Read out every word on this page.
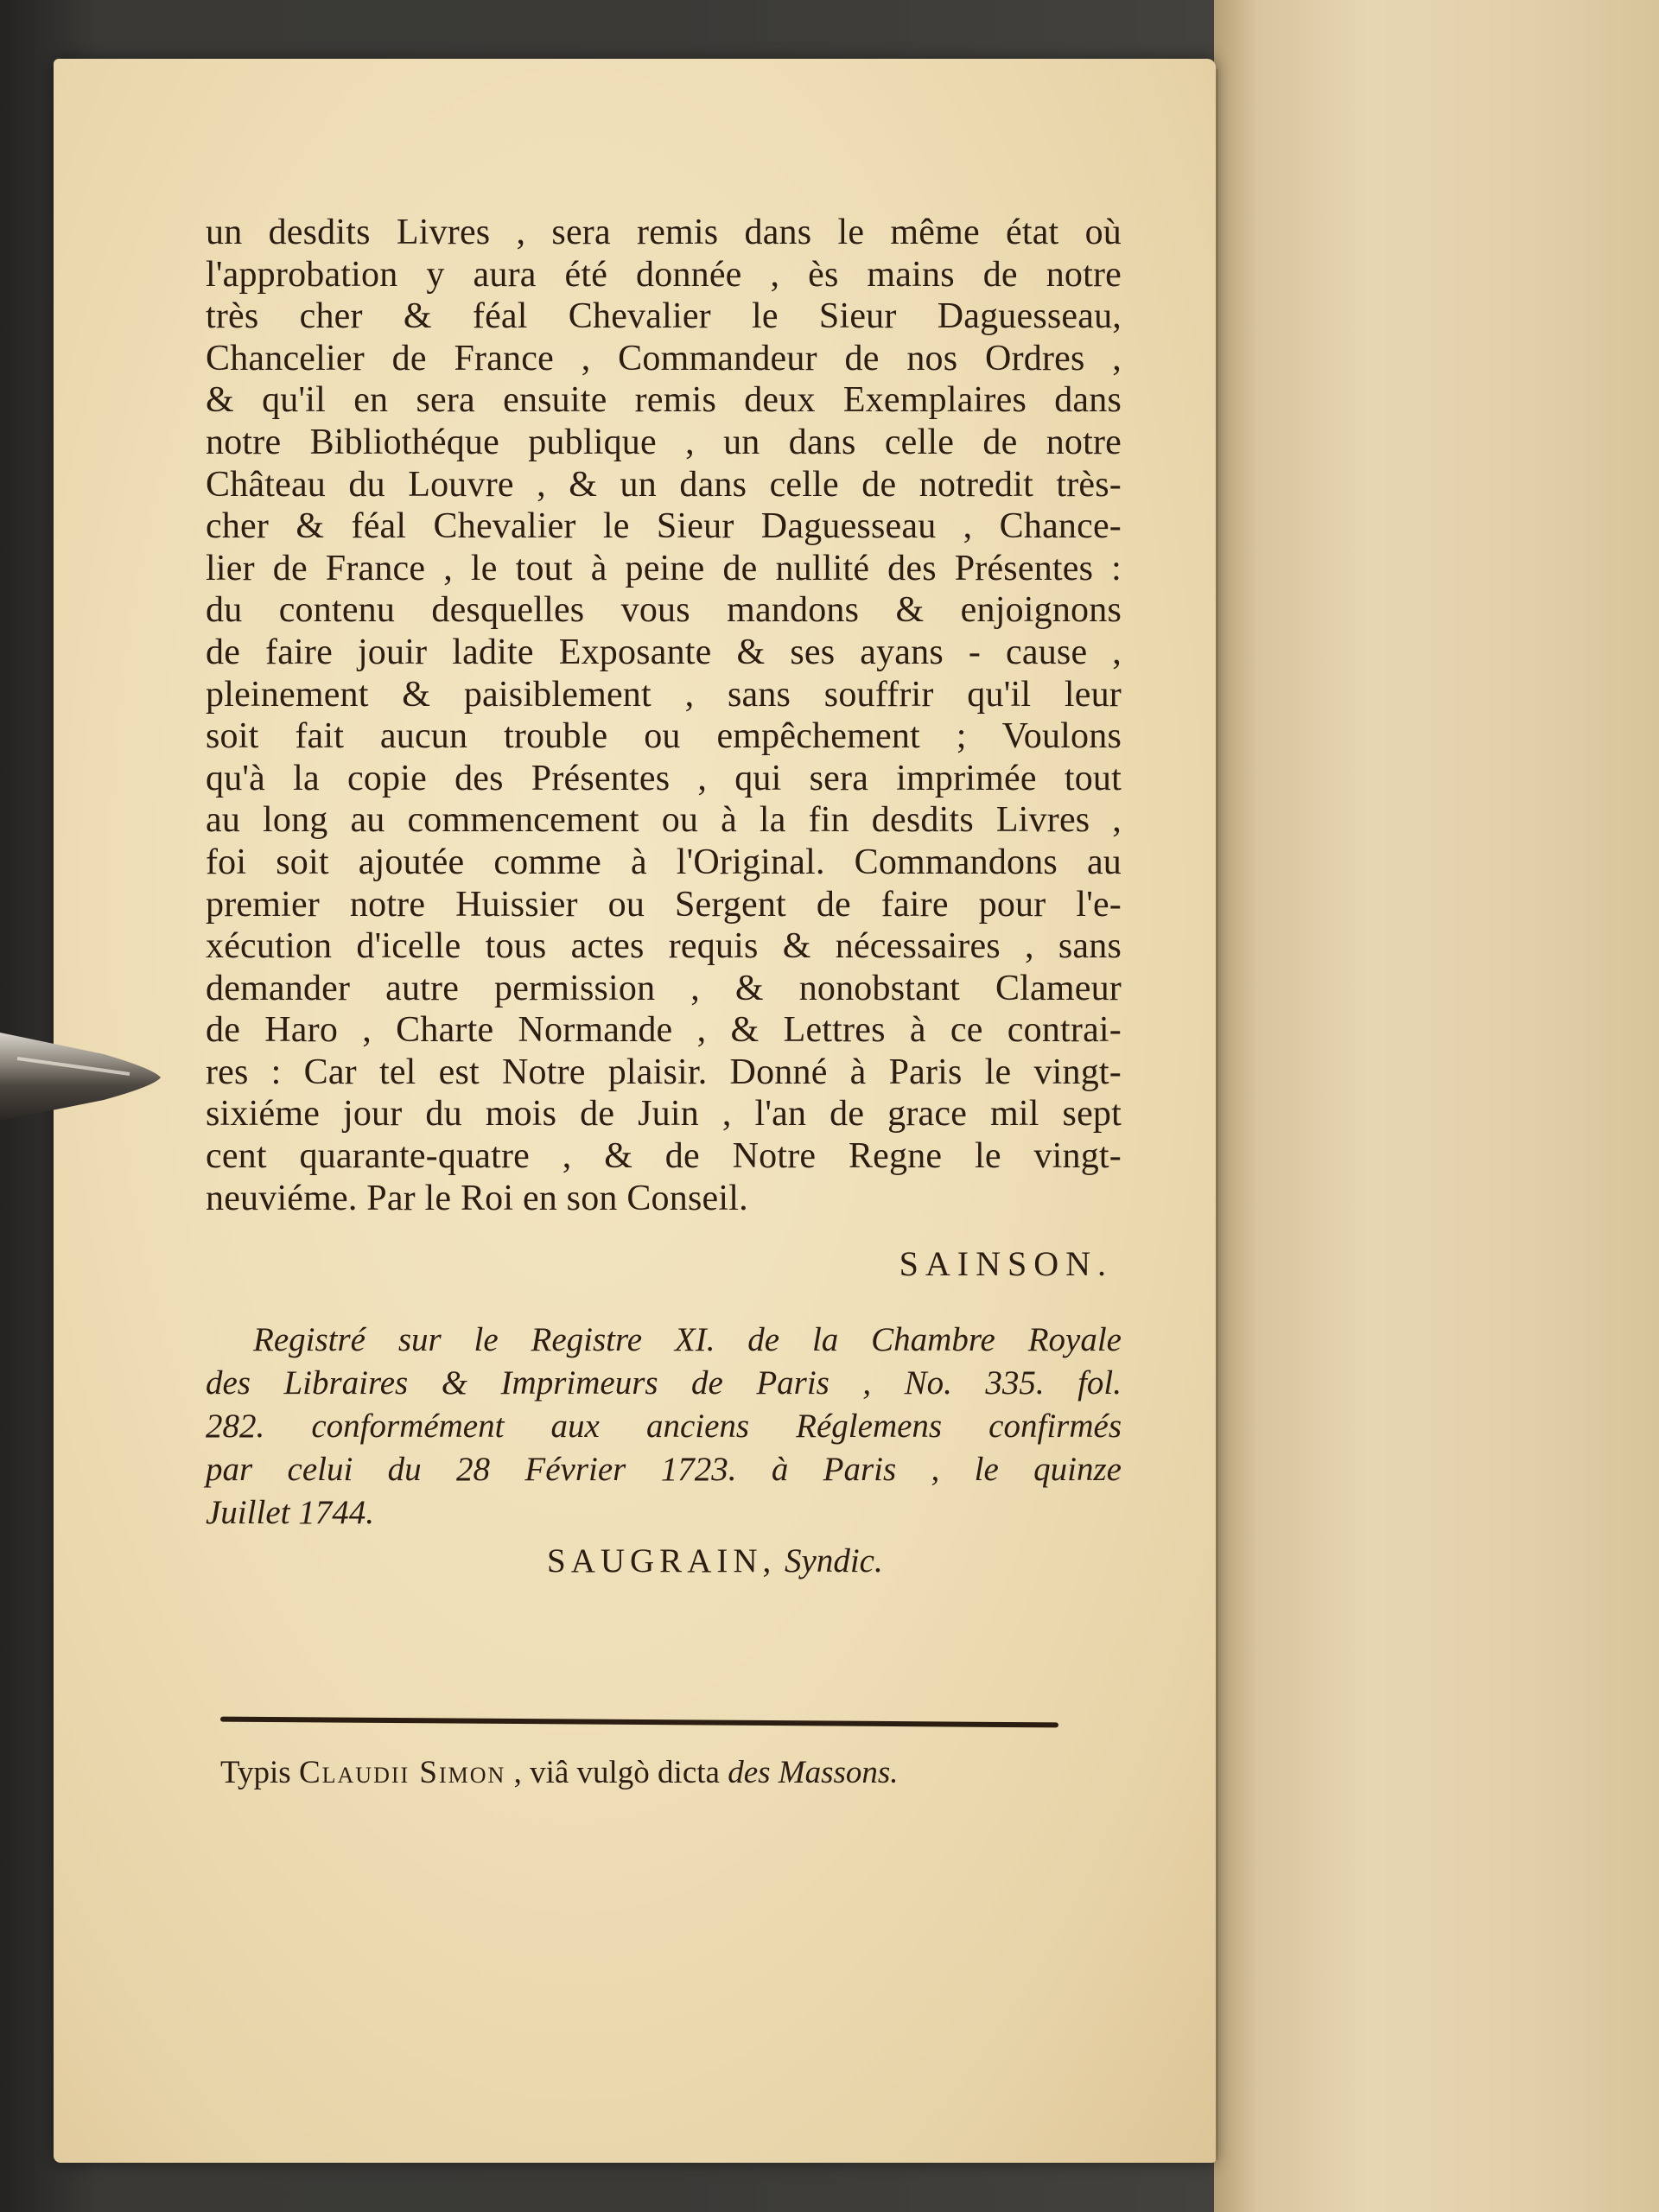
un desdits Livres , sera remis dans le même état où
l'approbation y aura été donnée , ès mains de notre
très cher & féal Chevalier le Sieur Daguesseau,
Chancelier de France , Commandeur de nos Ordres ,
& qu'il en sera ensuite remis deux Exemplaires dans
notre Bibliothéque publique , un dans celle de notre
Château du Louvre , & un dans celle de notredit très-
cher & féal Chevalier le Sieur Daguesseau , Chance-
lier de France , le tout à peine de nullité des Présentes :
du contenu desquelles vous mandons & enjoignons
de faire jouir ladite Exposante & ses ayans - cause ,
pleinement & paisiblement , sans souffrir qu'il leur
soit fait aucun trouble ou empêchement ; Voulons
qu'à la copie des Présentes , qui sera imprimée tout
au long au commencement ou à la fin desdits Livres ,
foi soit ajoutée comme à l'Original. Commandons au
premier notre Huissier ou Sergent de faire pour l'e-
xécution d'icelle tous actes requis & nécessaires , sans
demander autre permission , & nonobstant Clameur
de Haro , Charte Normande , & Lettres à ce contrai-
res : Car tel est Notre plaisir. Donné à Paris le vingt-
sixiéme jour du mois de Juin , l'an de grace mil sept
cent quarante-quatre , & de Notre Regne le vingt-
neuviéme. Par le Roi en son Conseil.
SAINSON.
Registré sur le Registre XI. de la Chambre Royale
des Libraires & Imprimeurs de Paris , No. 335. fol.
282. conformément aux anciens Réglemens confirmés
par celui du 28 Février 1723. à Paris , le quinze
Juillet 1744.
SAUGRAIN, Syndic.
Typis Claudii Simon , viâ vulgò dicta des Massons.
